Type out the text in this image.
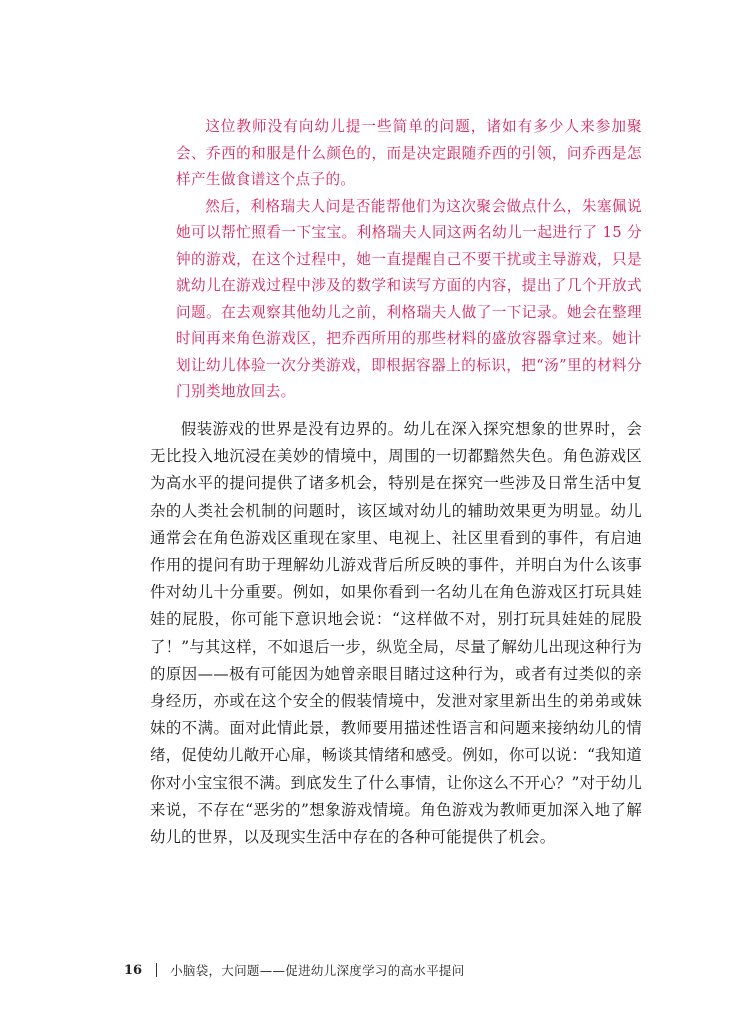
这位教师没有向幼儿提一些简单的问题，诸如有多少人来参加聚会、乔西的和服是什么颜色的，而是决定跟随乔西的引领，问乔西是怎样产生做食谱这个点子的。

然后，利格瑞夫人问是否能帮他们为这次聚会做点什么，朱塞佩说她可以帮忙照看一下宝宝。利格瑞夫人同这两名幼儿一起进行了 15 分钟的游戏，在这个过程中，她一直提醒自己不要干扰或主导游戏，只是就幼儿在游戏过程中涉及的数学和读写方面的内容，提出了几个开放式问题。在去观察其他幼儿之前，利格瑞夫人做了一下记录。她会在整理时间再来角色游戏区，把乔西所用的那些材料的盛放容器拿过来。她计划让幼儿体验一次分类游戏，即根据容器上的标识，把“汤”里的材料分门别类地放回去。

假装游戏的世界是没有边界的。幼儿在深入探究想象的世界时，会无比投入地沉浸在美妙的情境中，周围的一切都黯然失色。角色游戏区为高水平的提问提供了诸多机会，特别是在探究一些涉及日常生活中复杂的人类社会机制的问题时，该区域对幼儿的辅助效果更为明显。幼儿通常会在角色游戏区重现在家里、电视上、社区里看到的事件，有启迪作用的提问有助于理解幼儿游戏背后所反映的事件，并明白为什么该事件对幼儿十分重要。例如，如果你看到一名幼儿在角色游戏区打玩具娃娃的屁股，你可能下意识地会说：“这样做不对，别打玩具娃娃的屁股了！”与其这样，不如退后一步，纵览全局，尽量了解幼儿出现这种行为的原因——极有可能因为她曾亲眼目睹过这种行为，或者有过类似的亲身经历，亦或在这个安全的假装情境中，发泄对家里新出生的弟弟或妹妹的不满。面对此情此景，教师要用描述性语言和问题来接纳幼儿的情绪，促使幼儿敞开心扉，畅谈其情绪和感受。例如，你可以说：“我知道你对小宝宝很不满。到底发生了什么事情，让你这么不开心？”对于幼儿来说，不存在“恶劣的”想象游戏情境。角色游戏为教师更加深入地了解幼儿的世界，以及现实生活中存在的各种可能提供了机会。

16 小脑袋，大问题——促进幼儿深度学习的高水平提问
